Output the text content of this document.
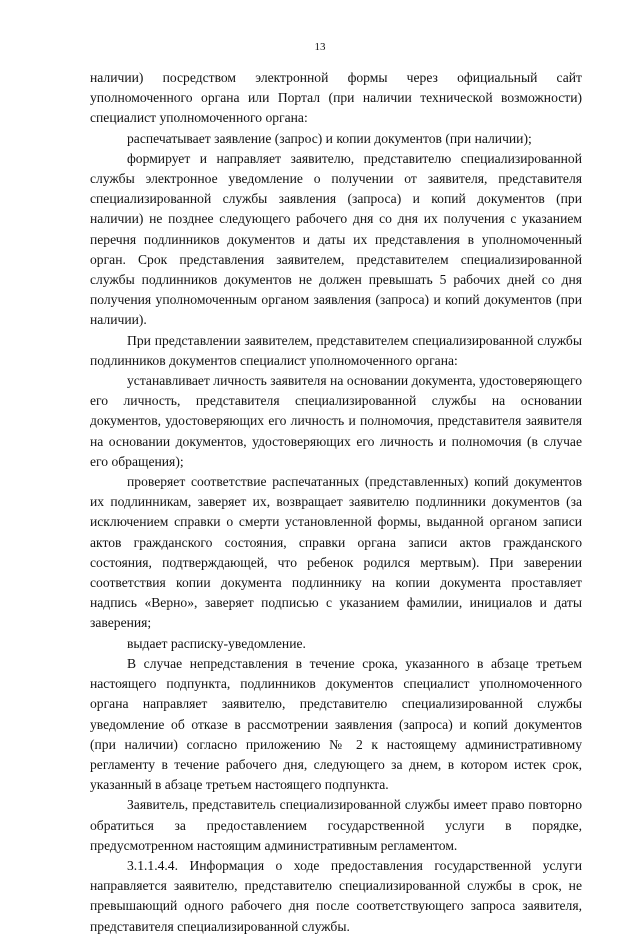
13

наличии) посредством электронной формы через официальный сайт уполномоченного органа или Портал (при наличии технической возможности) специалист уполномоченного органа:

распечатывает заявление (запрос) и копии документов (при наличии);

формирует и направляет заявителю, представителю специализированной службы электронное уведомление о получении от заявителя, представителя специализированной службы заявления (запроса) и копий документов (при наличии) не позднее следующего рабочего дня со дня их получения с указанием перечня подлинников документов и даты их представления в уполномоченный орган. Срок представления заявителем, представителем специализированной службы подлинников документов не должен превышать 5 рабочих дней со дня получения уполномоченным органом заявления (запроса) и копий документов (при наличии).

При представлении заявителем, представителем специализированной службы подлинников документов специалист уполномоченного органа:

устанавливает личность заявителя на основании документа, удостоверяющего его личность, представителя специализированной службы на основании документов, удостоверяющих его личность и полномочия, представителя заявителя на основании документов, удостоверяющих его личность и полномочия (в случае его обращения);

проверяет соответствие распечатанных (представленных) копий документов их подлинникам, заверяет их, возвращает заявителю подлинники документов (за исключением справки о смерти установленной формы, выданной органом записи актов гражданского состояния, справки органа записи актов гражданского состояния, подтверждающей, что ребенок родился мертвым). При заверении соответствия копии документа подлиннику на копии документа проставляет надпись «Верно», заверяет подписью с указанием фамилии, инициалов и даты заверения;

выдает расписку-уведомление.

В случае непредставления в течение срока, указанного в абзаце третьем настоящего подпункта, подлинников документов специалист уполномоченного органа направляет заявителю, представителю специализированной службы уведомление об отказе в рассмотрении заявления (запроса) и копий документов (при наличии) согласно приложению № 2 к настоящему административному регламенту в течение рабочего дня, следующего за днем, в котором истек срок, указанный в абзаце третьем настоящего подпункта.

Заявитель, представитель специализированной службы имеет право повторно обратиться за предоставлением государственной услуги в порядке, предусмотренном настоящим административным регламентом.

3.1.1.4.4. Информация о ходе предоставления государственной услуги направляется заявителю, представителю специализированной службы в срок, не превышающий одного рабочего дня после соответствующего запроса заявителя, представителя специализированной службы.
